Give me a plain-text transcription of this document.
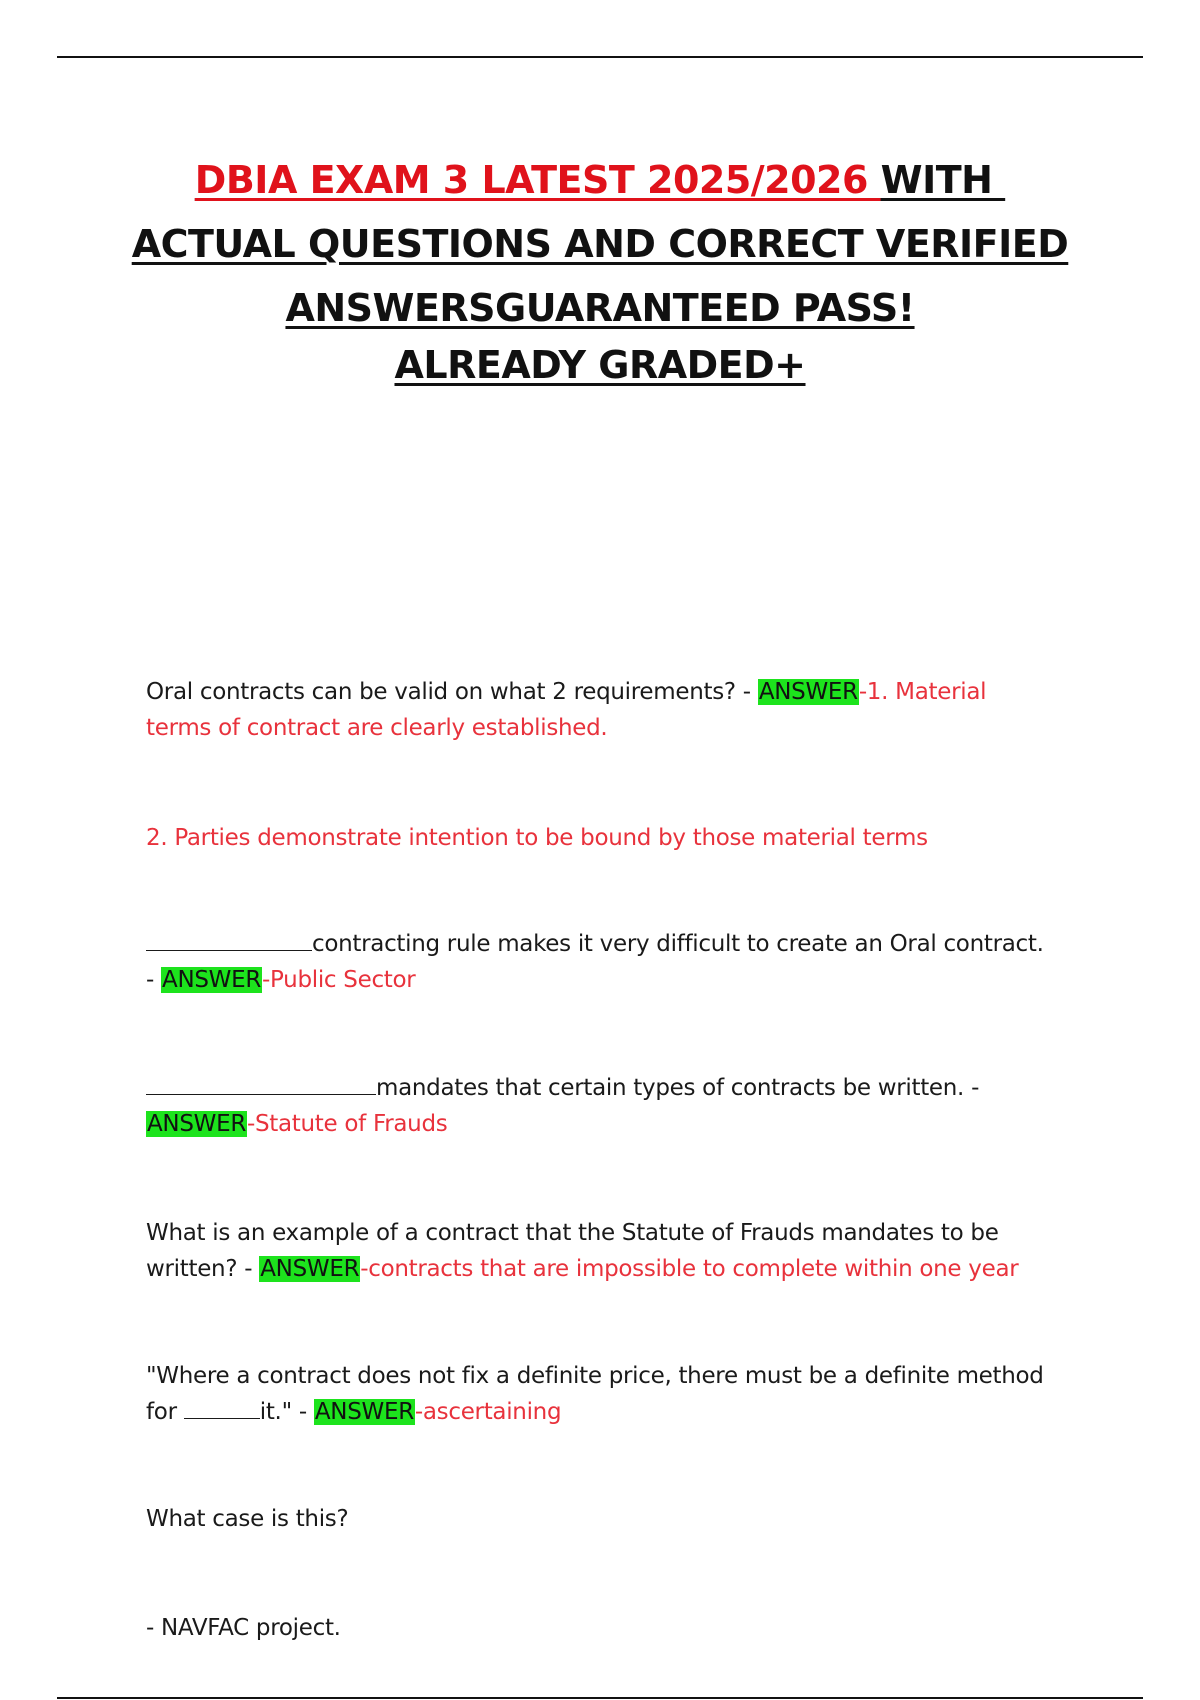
DBIA EXAM 3 LATEST 2025/2026 WITH
ACTUAL QUESTIONS AND CORRECT VERIFIED
ANSWERSGUARANTEED PASS!
ALREADY GRADED+
Oral contracts can be valid on what 2 requirements? - ANSWER-1. Material terms of contract are clearly established.
2. Parties demonstrate intention to be bound by those material terms
contracting rule makes it very difficult to create an Oral contract. - ANSWER-Public Sector
mandates that certain types of contracts be written. - ANSWER-Statute of Frauds
What is an example of a contract that the Statute of Frauds mandates to be written? - ANSWER-contracts that are impossible to complete within one year
"Where a contract does not fix a definite price, there must be a definite method for	it." - ANSWER-ascertaining
What case is this?
- NAVFAC project.
